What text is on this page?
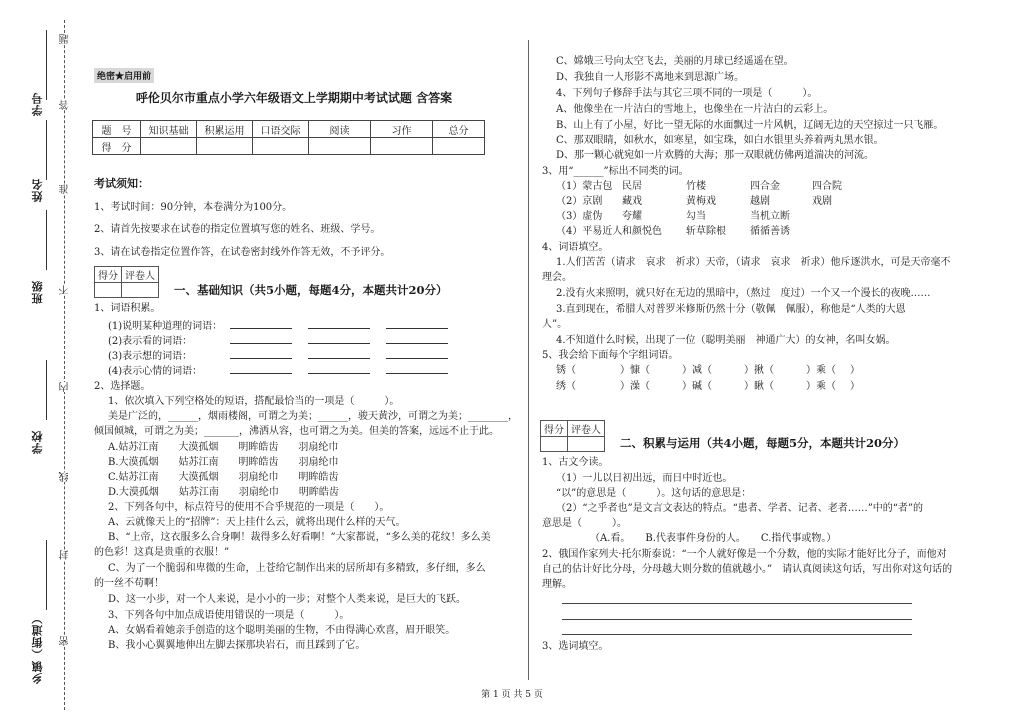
学号
姓名
班级
学校
乡镇（街道）
题
答
准
不
内
线
封
密
绝密★启用前
呼伦贝尔市重点小学六年级语文上学期期中考试试题 含答案
题　号	知识基础	积累运用	口语交际	阅读	习作	总分
得　分						
考试须知：
1、考试时间：90分钟，本卷满分为100分。
2、请首先按要求在试卷的指定位置填写您的姓名、班级、学号。
3、请在试卷指定位置作答，在试卷密封线外作答无效，不予评分。
得分	评卷人

一、基础知识（共5小题，每题4分，本题共计20分）
1、词语积累。
(1)说明某种道理的词语：
(2)表示看的词语：
(3)表示想的词语：
(4)表示心情的词语：
2、选择题。
1、依次填入下列空格处的短语，搭配最恰当的一项是（　　　）。
美是广泛的，______，烟雨楼阁，可谓之为美；______，骏天黄沙，可谓之为美；________，
倾国倾城，可谓之为美；_______，沸洒从容，也可谓之为美。但美的答案，远远不止于此。
A.姑苏江南　　大漠孤烟　　明眸皓齿　　羽扇纶巾
B.大漠孤烟　　姑苏江南　　明眸皓齿　　羽扇纶巾
C.姑苏江南　　大漠孤烟　　羽扇纶巾　　明眸皓齿
D.大漠孤烟　　姑苏江南　　羽扇纶巾　　明眸皓齿
2、下列各句中，标点符号的使用不合乎规范的一项是（　　）。
A、云就像天上的“招牌”：天上挂什么云，就将出现什么样的天气。
B、“上帝，这衣服多么合身啊！裁得多么好看啊！”大家都说，“多么美的花纹！多么美
的色彩！这真是贵重的衣服！”
C、为了一个脆弱和卑微的生命，上苍给它制作出来的居所却有多精致，多仔细，多么
的一丝不苟啊！
D、这一小步，对一个人来说，是小小的一步；对整个人类来说，是巨大的飞跃。
3、下列各句中加点成语使用错误的一项是（　　　）。
A、女娲看着她亲手创造的这个聪明美丽的生物，不由得满心欢喜，眉开眼笑。
B、我小心翼翼地伸出左脚去探那块岩石，而且踩到了它。
C、嫦娥三号向太空飞去，美丽的月球已经遥遥在望。
D、我独自一人形影不离地来到思源广场。
4、下列句子修辞手法与其它三项不同的一项是（　　　）。
A、他像坐在一片洁白的雪地上，也像坐在一片洁白的云彩上。
B、山上有了小屋，好比一望无际的水面飘过一片风帆，辽阔无边的天空掠过一只飞雁。
C、那双眼睛，如秋水，如寒星，如宝珠，如白水银里头养着两丸黑水银。
D、那一颗心就宛如一片欢腾的大海；那一双眼就仿佛两道湍决的河流。
3、用“______”标出不同类的词。
（1）蒙古包 民居	竹楼	四合金	四合院
（2）京剧 藏戏	黄梅戏	越剧	戏剧
（3）虚伪 夸耀	勾当	当机立断
（4）平易近人和颜悦色 斩草除根 循循善诱
4、词语填空。
1.人们苦苦（请求　哀求　祈求）天帝，（请求　哀求　祈求）他斥逐洪水，可是天帝毫不
理会。
2.没有火来照明，就只好在无边的黑暗中，（熬过　度过）一个又一个漫长的夜晚……
3.直到现在，希腊人对普罗米修斯仍然十分（敬佩　佩服），称他是“人类的大恩
人”。
4.不知道什么时候，出现了一位（聪明美丽　神通广大）的女神，名叫女娲。
5、我会给下面每个字组词语。
锈（	）慷（	）减（	）揪（	）乘（ ）
绣（	）澡（	）碱（	）瞅（	）乘（ ）
得分	评卷人

二、积累与运用（共4小题，每题5分，本题共计20分）
1、古文今读。
（1）一儿以日初出远，而日中时近也。
“以”的意思是（　　　）。这句话的意思是：
（2）“之乎者也”是文言文表达的特点。“患者、学者、记者、老者……”中的“者”的
意思是（　　　）。
（A.看。　　B.代表事件身份的人。　　C.指代事或物。）
2、俄国作家列夫·托尔斯泰说：“一个人就好像是一个分数，他的实际才能好比分子，而他对
自己的估计好比分母，分母越大则分数的值就越小。”　请认真阅读这句话，写出你对这句话的
理解。
3、选词填空。
第 1 页 共 5 页
